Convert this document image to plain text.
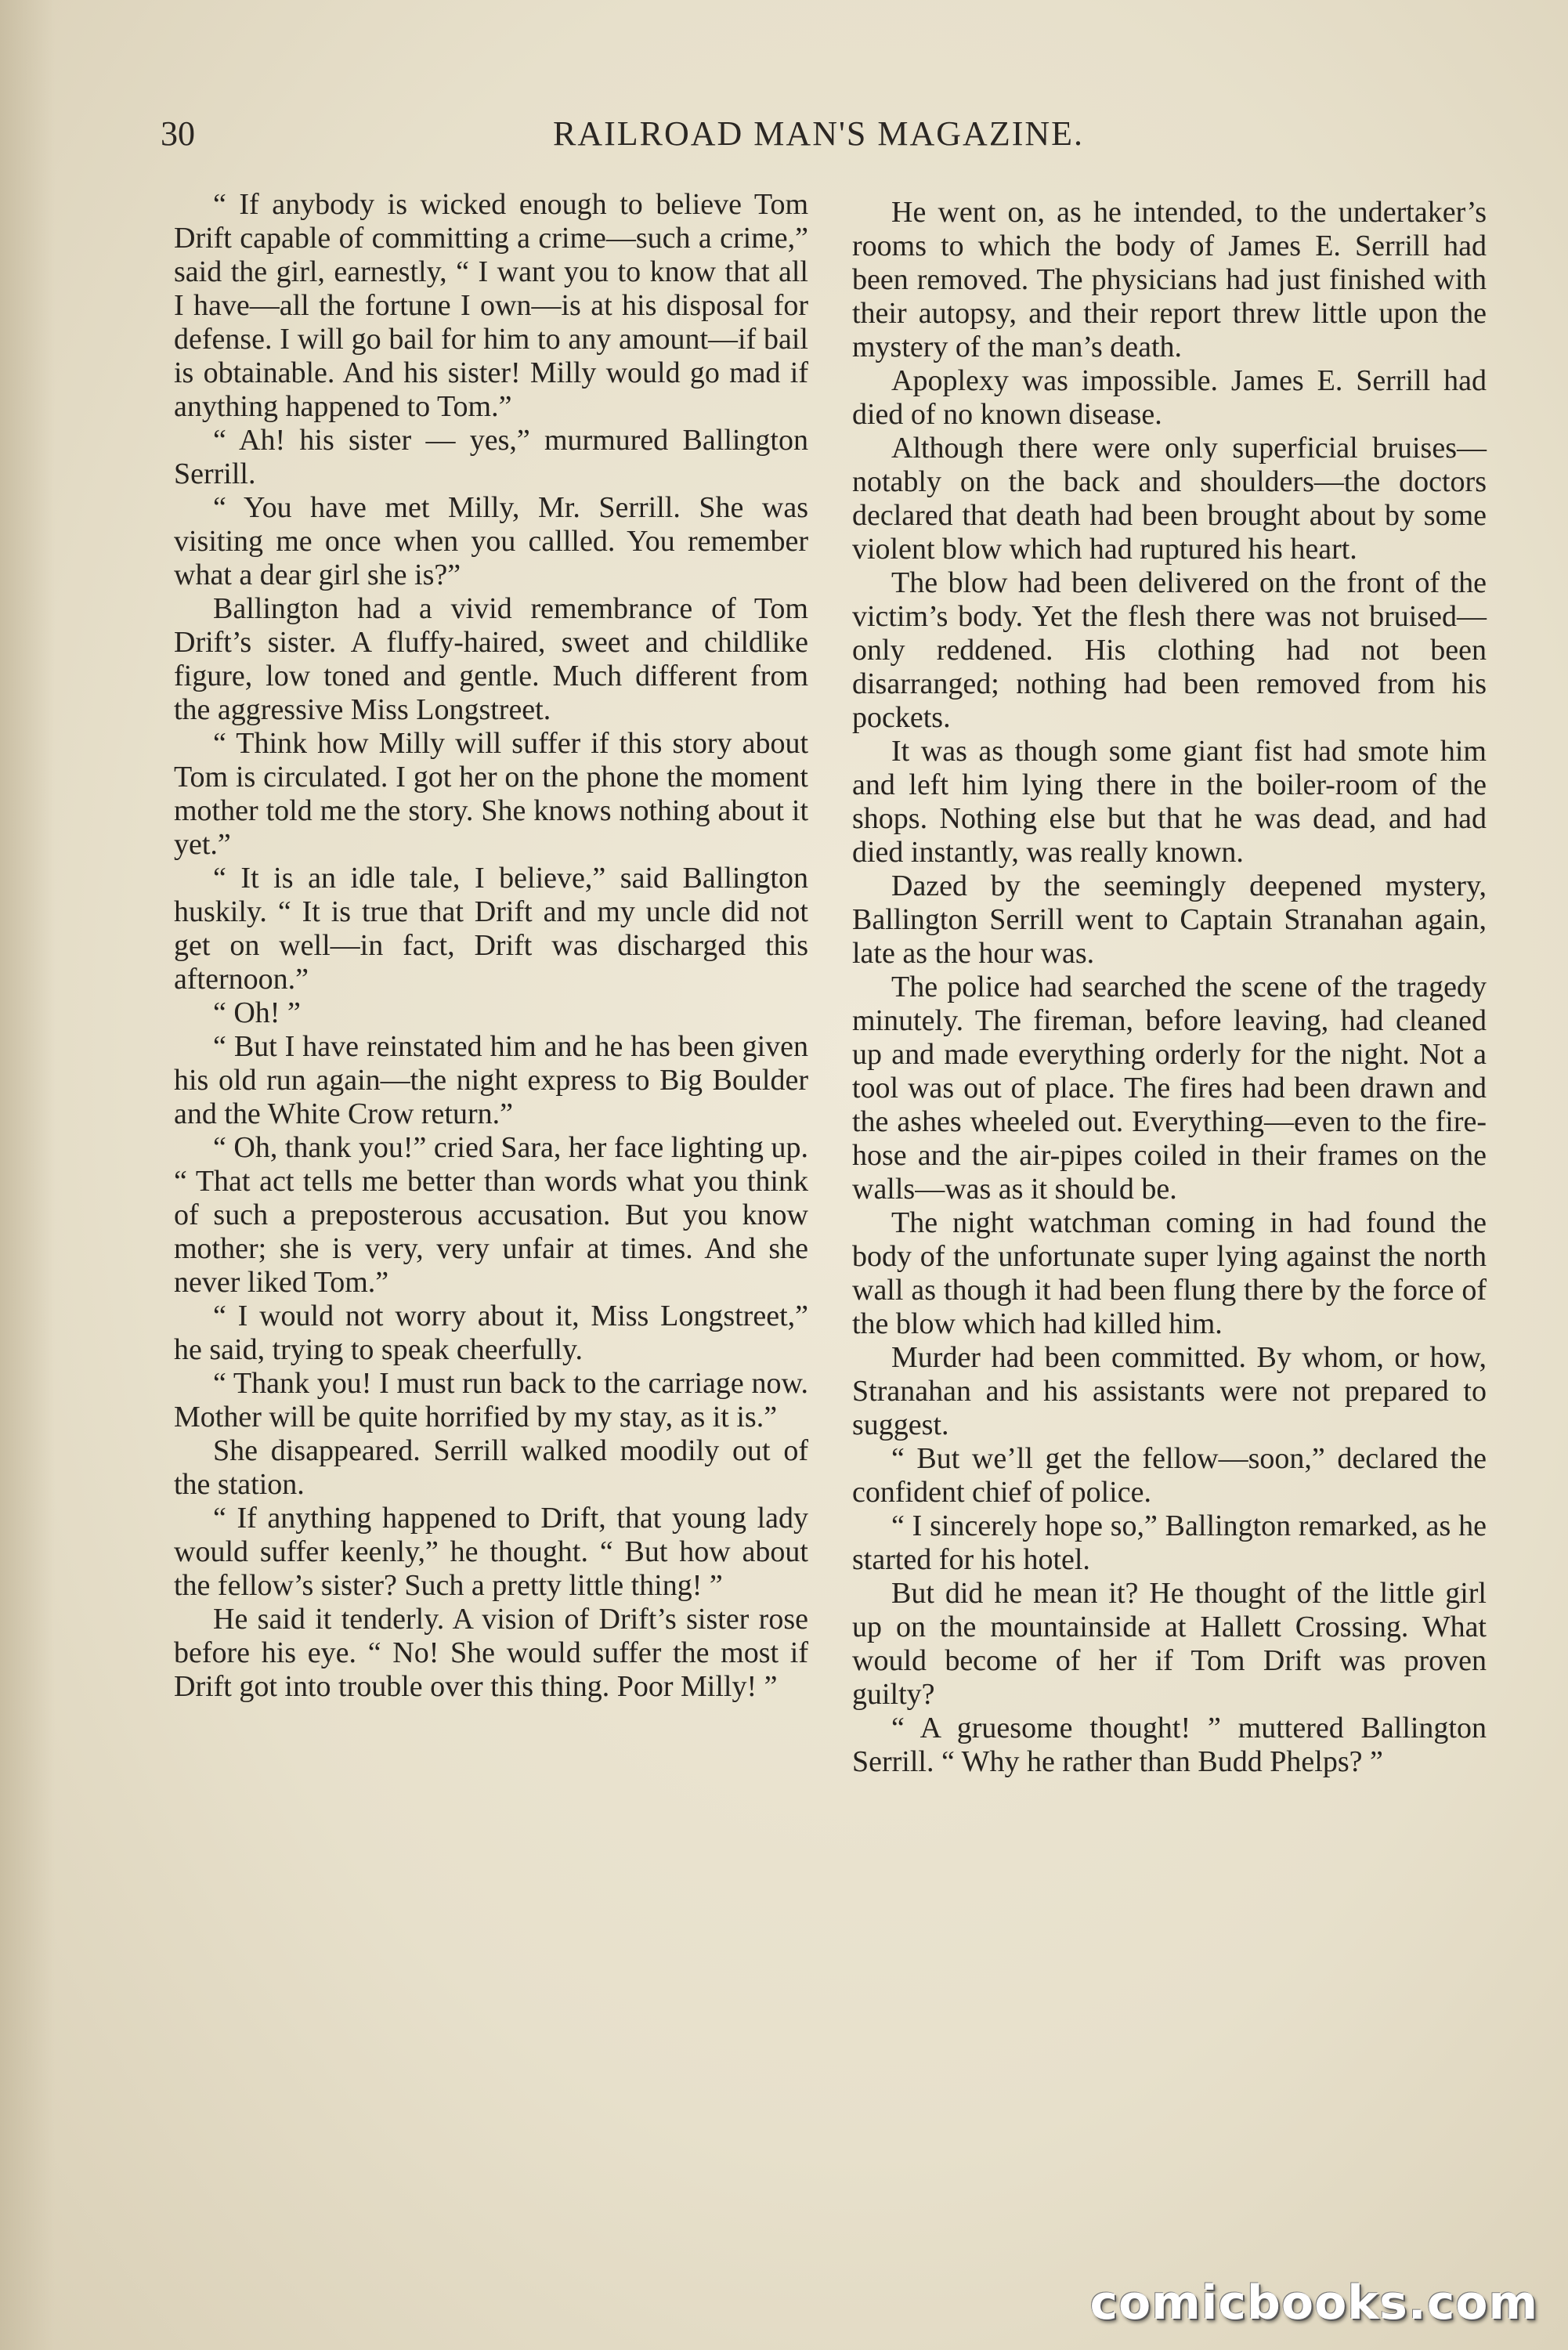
30	RAILROAD MAN'S MAGAZINE.

“ If anybody is wicked enough to believe Tom Drift capable of committing a crime—such a crime,” said the girl, earnestly, “ I want you to know that all I have—all the fortune I own—is at his disposal for defense. I will go bail for him to any amount—if bail is obtainable. And his sister! Milly would go mad if anything happened to Tom.”

“ Ah! his sister — yes,” murmured Ballington Serrill.

“ You have met Milly, Mr. Serrill. She was visiting me once when you callled. You remember what a dear girl she is?”

Ballington had a vivid remembrance of Tom Drift’s sister. A fluffy-haired, sweet and childlike figure, low toned and gentle. Much different from the aggressive Miss Longstreet.

“ Think how Milly will suffer if this story about Tom is circulated. I got her on the phone the moment mother told me the story. She knows nothing about it yet.”

“ It is an idle tale, I believe,” said Ballington huskily. “ It is true that Drift and my uncle did not get on well—in fact, Drift was discharged this afternoon.”

“ Oh! ”

“ But I have reinstated him and he has been given his old run again—the night express to Big Boulder and the White Crow return.”

“ Oh, thank you!” cried Sara, her face lighting up. “ That act tells me better than words what you think of such a preposterous accusation. But you know mother; she is very, very unfair at times. And she never liked Tom.”

“ I would not worry about it, Miss Longstreet,” he said, trying to speak cheerfully.

“ Thank you! I must run back to the carriage now. Mother will be quite horrified by my stay, as it is.”

She disappeared. Serrill walked moodily out of the station.

“ If anything happened to Drift, that young lady would suffer keenly,” he thought. “ But how about the fellow’s sister? Such a pretty little thing! ”

He said it tenderly. A vision of Drift’s sister rose before his eye. “ No! She would suffer the most if Drift got into trouble over this thing. Poor Milly! ”

He went on, as he intended, to the undertaker’s rooms to which the body of James E. Serrill had been removed. The physicians had just finished with their autopsy, and their report threw little upon the mystery of the man’s death.

Apoplexy was impossible. James E. Serrill had died of no known disease.

Although there were only superficial bruises—notably on the back and shoulders—the doctors declared that death had been brought about by some violent blow which had ruptured his heart.

The blow had been delivered on the front of the victim’s body. Yet the flesh there was not bruised—only reddened. His clothing had not been disarranged; nothing had been removed from his pockets.

It was as though some giant fist had smote him and left him lying there in the boiler-room of the shops. Nothing else but that he was dead, and had died instantly, was really known.

Dazed by the seemingly deepened mystery, Ballington Serrill went to Captain Stranahan again, late as the hour was.

The police had searched the scene of the tragedy minutely. The fireman, before leaving, had cleaned up and made everything orderly for the night. Not a tool was out of place. The fires had been drawn and the ashes wheeled out. Everything—even to the fire-hose and the air-pipes coiled in their frames on the walls—was as it should be.

The night watchman coming in had found the body of the unfortunate super lying against the north wall as though it had been flung there by the force of the blow which had killed him.

Murder had been committed. By whom, or how, Stranahan and his assistants were not prepared to suggest.

“ But we’ll get the fellow—soon,” declared the confident chief of police.

“ I sincerely hope so,” Ballington remarked, as he started for his hotel.

But did he mean it? He thought of the little girl up on the mountainside at Hallett Crossing. What would become of her if Tom Drift was proven guilty?

“ A gruesome thought! ” muttered Ballington Serrill. “ Why he rather than Budd Phelps? ”

comicbooks.com
